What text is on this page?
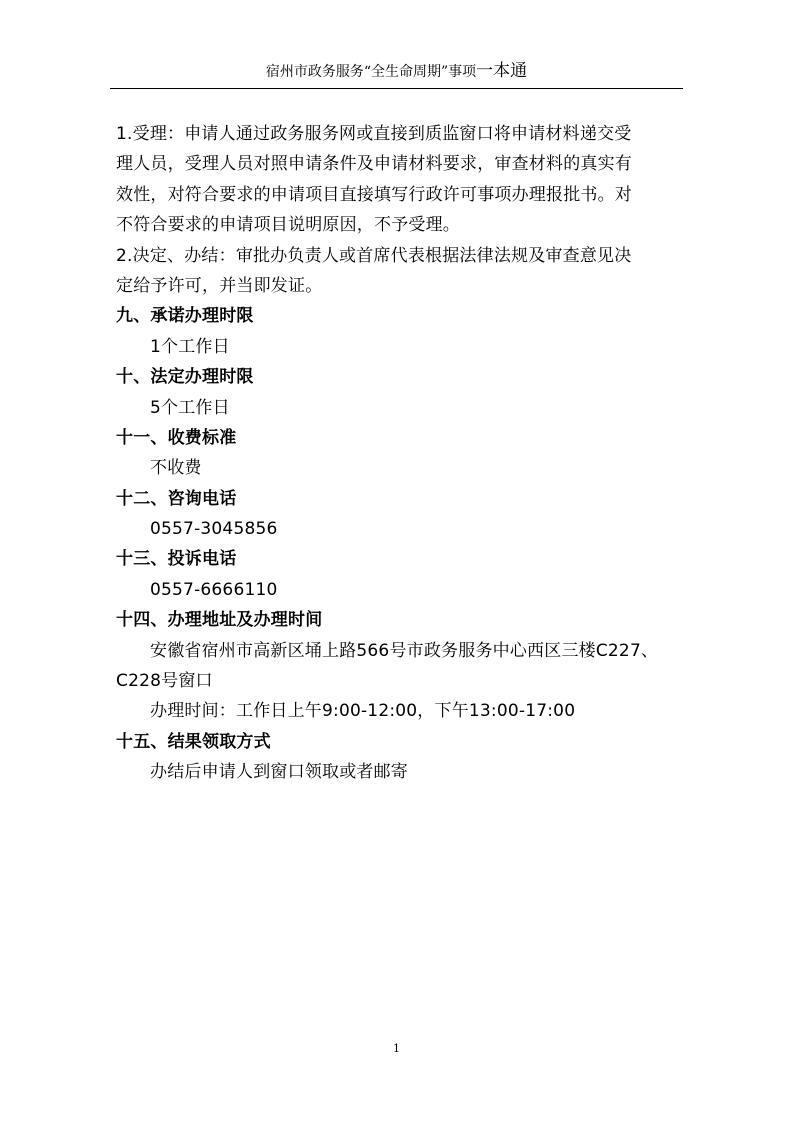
宿州市政务服务“全生命周期”事项一本通
1.受理：申请人通过政务服务网或直接到质监窗口将申请材料递交受
理人员，受理人员对照申请条件及申请材料要求，审查材料的真实有
效性，对符合要求的申请项目直接填写行政许可事项办理报批书。对
不符合要求的申请项目说明原因，不予受理。
2.决定、办结：审批办负责人或首席代表根据法律法规及审查意见决
定给予许可，并当即发证。
九、承诺办理时限
1个工作日
十、法定办理时限
5个工作日
十一、收费标准
不收费
十二、咨询电话
0557-3045856
十三、投诉电话
0557-6666110
十四、办理地址及办理时间
安徽省宿州市高新区埇上路566号市政务服务中心西区三楼C227、
C228号窗口
办理时间：工作日上午9:00-12:00，下午13:00-17:00
十五、结果领取方式
办结后申请人到窗口领取或者邮寄
1
